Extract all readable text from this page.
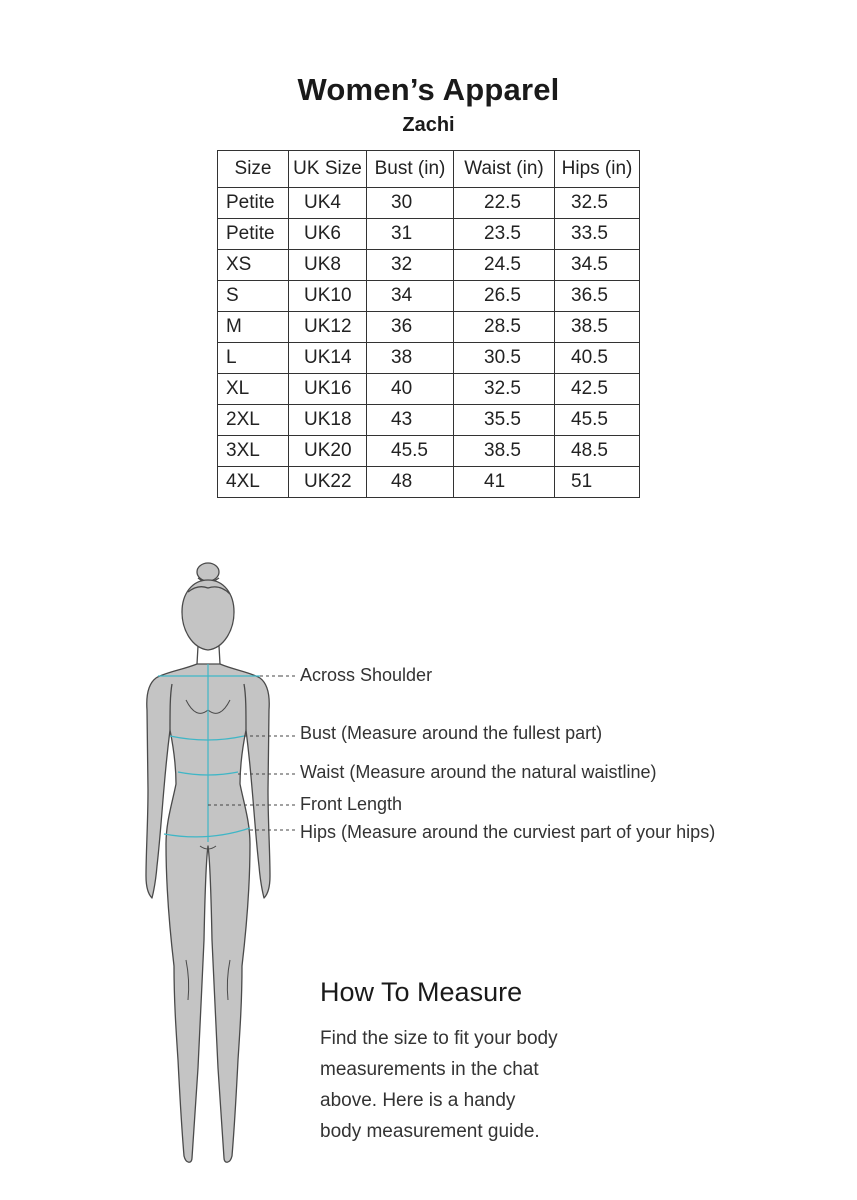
Women’s Apparel
Zachi
Size	UK Size	Bust (in)	Waist (in)	Hips (in)
Petite	UK4	30	22.5	32.5
Petite	UK6	31	23.5	33.5
XS	UK8	32	24.5	34.5
S	UK10	34	26.5	36.5
M	UK12	36	28.5	38.5
L	UK14	38	30.5	40.5
XL	UK16	40	32.5	42.5
2XL	UK18	43	35.5	45.5
3XL	UK20	45.5	38.5	48.5
4XL	UK22	48	41	51
Across Shoulder
Bust (Measure around the fullest part)
Waist (Measure around the natural waistline)
Front Length
Hips (Measure around the curviest part of your hips)
How To Measure
Find the size to fit your body
measurements in the chat
above. Here is a handy
body measurement guide.
